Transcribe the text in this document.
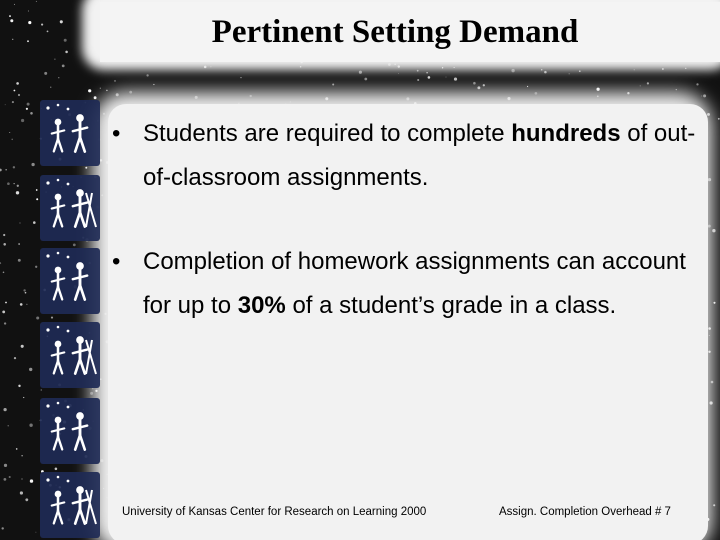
Pertinent Setting Demand
• Students are required to complete hundreds of out-of-classroom assignments.
• Completion of homework assignments can account for up to 30% of a student’s grade in a class.
University of Kansas Center for Research on Learning 2000	Assign. Completion Overhead # 7
